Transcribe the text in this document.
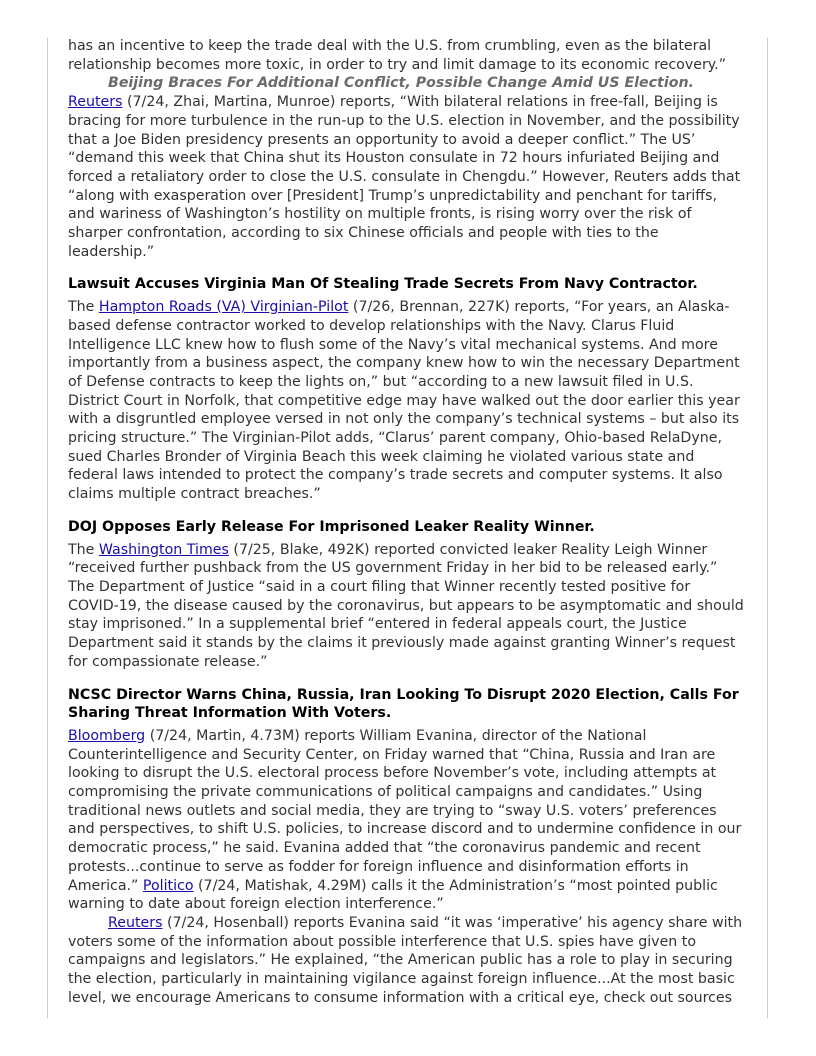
has an incentive to keep the trade deal with the U.S. from crumbling, even as the bilateral relationship becomes more toxic, in order to try and limit damage to its economic recovery.”

Beijing Braces For Additional Conflict, Possible Change Amid US Election.

Reuters (7/24, Zhai, Martina, Munroe) reports, “With bilateral relations in free-fall, Beijing is bracing for more turbulence in the run-up to the U.S. election in November, and the possibility that a Joe Biden presidency presents an opportunity to avoid a deeper conflict.” The US’ “demand this week that China shut its Houston consulate in 72 hours infuriated Beijing and forced a retaliatory order to close the U.S. consulate in Chengdu.” However, Reuters adds that “along with exasperation over [President] Trump’s unpredictability and penchant for tariffs, and wariness of Washington’s hostility on multiple fronts, is rising worry over the risk of sharper confrontation, according to six Chinese officials and people with ties to the leadership.”

Lawsuit Accuses Virginia Man Of Stealing Trade Secrets From Navy Contractor.

The Hampton Roads (VA) Virginian-Pilot (7/26, Brennan, 227K) reports, “For years, an Alaska-based defense contractor worked to develop relationships with the Navy. Clarus Fluid Intelligence LLC knew how to flush some of the Navy’s vital mechanical systems. And more importantly from a business aspect, the company knew how to win the necessary Department of Defense contracts to keep the lights on,” but “according to a new lawsuit filed in U.S. District Court in Norfolk, that competitive edge may have walked out the door earlier this year with a disgruntled employee versed in not only the company’s technical systems – but also its pricing structure.” The Virginian-Pilot adds, “Clarus’ parent company, Ohio-based RelaDyne, sued Charles Bronder of Virginia Beach this week claiming he violated various state and federal laws intended to protect the company’s trade secrets and computer systems. It also claims multiple contract breaches.”

DOJ Opposes Early Release For Imprisoned Leaker Reality Winner.

The Washington Times (7/25, Blake, 492K) reported convicted leaker Reality Leigh Winner “received further pushback from the US government Friday in her bid to be released early.” The Department of Justice “said in a court filing that Winner recently tested positive for COVID-19, the disease caused by the coronavirus, but appears to be asymptomatic and should stay imprisoned.” In a supplemental brief “entered in federal appeals court, the Justice Department said it stands by the claims it previously made against granting Winner’s request for compassionate release.”

NCSC Director Warns China, Russia, Iran Looking To Disrupt 2020 Election, Calls For Sharing Threat Information With Voters.

Bloomberg (7/24, Martin, 4.73M) reports William Evanina, director of the National Counterintelligence and Security Center, on Friday warned that “China, Russia and Iran are looking to disrupt the U.S. electoral process before November’s vote, including attempts at compromising the private communications of political campaigns and candidates.” Using traditional news outlets and social media, they are trying to “sway U.S. voters’ preferences and perspectives, to shift U.S. policies, to increase discord and to undermine confidence in our democratic process,” he said. Evanina added that “the coronavirus pandemic and recent protests...continue to serve as fodder for foreign influence and disinformation efforts in America.” Politico (7/24, Matishak, 4.29M) calls it the Administration’s “most pointed public warning to date about foreign election interference.”

Reuters (7/24, Hosenball) reports Evanina said “it was ‘imperative’ his agency share with voters some of the information about possible interference that U.S. spies have given to campaigns and legislators.” He explained, “the American public has a role to play in securing the election, particularly in maintaining vigilance against foreign influence...At the most basic level, we encourage Americans to consume information with a critical eye, check out sources
